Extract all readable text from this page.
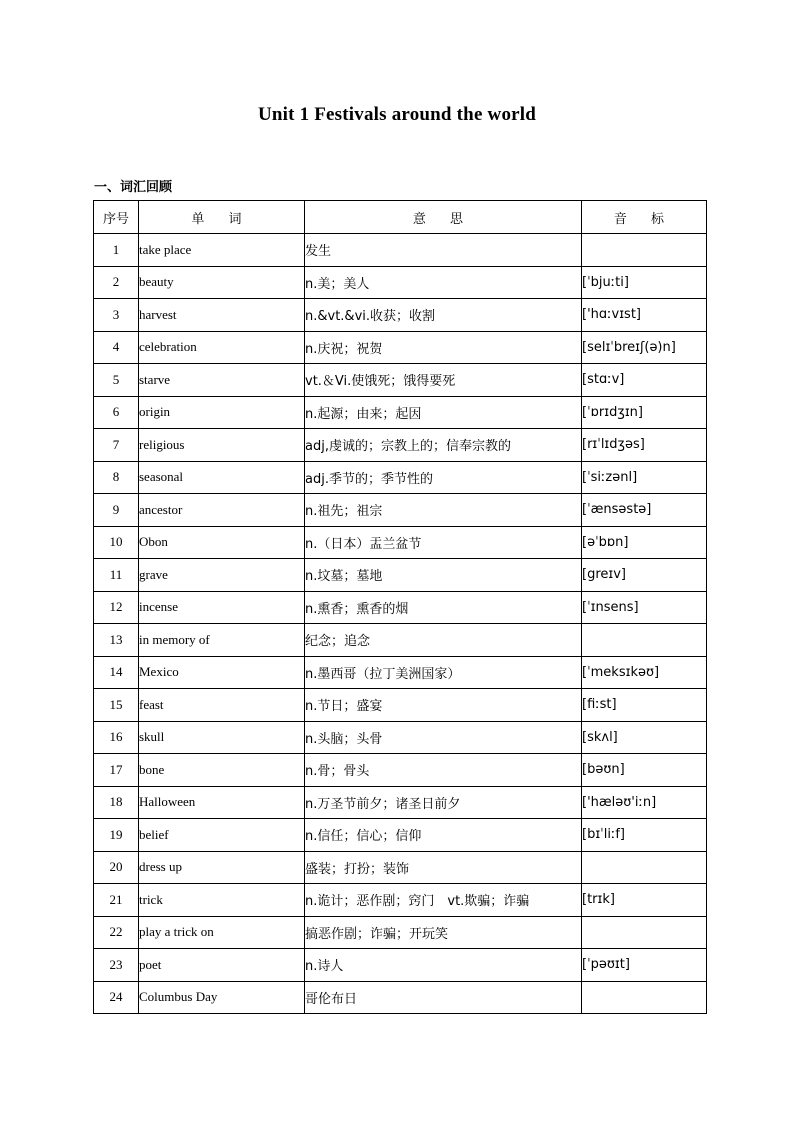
Unit 1 Festivals around the world
一、词汇回顾
序号	单 词	意 思	音 标
1	take place	发生	
2	beauty	n.美；美人	[ˈbjuːti]
3	harvest	n.&vt.&vi.收获；收割	['hɑːvɪst]
4	celebration	n.庆祝；祝贺	[selɪˈbreɪʃ(ə)n]
5	starve	vt.＆Vi.使饿死；饿得要死	[stɑːv]
6	origin	n.起源；由来；起因	[ˈɒrɪdʒɪn]
7	religious	adj,虔诚的；宗教上的；信奉宗教的	[rɪˈlɪdʒəs]
8	seasonal	adj.季节的；季节性的	[ˈsiːzənl]
9	ancestor	n.祖先；祖宗	[ˈænsəstə]
10	Obon	n.（日本）盂兰盆节	[əˈbɒn]
11	grave	n.坟墓；墓地	[greɪv]
12	incense	n.熏香；熏香的烟	[ˈɪnsens]
13	in memory of	纪念；追念	
14	Mexico	n.墨西哥（拉丁美洲国家）	[ˈmeksɪkəʊ]
15	feast	n.节日；盛宴	[fiːst]
16	skull	n.头脑；头骨	[skʌl]
17	bone	n.骨；骨头	[bəʊn]
18	Halloween	n.万圣节前夕；诸圣日前夕	['hæləʊ'iːn]
19	belief	n.信任；信心；信仰	[bɪˈliːf]
20	dress up	盛装；打扮；装饰	
21	trick	n.诡计；恶作剧；窍门　vt.欺骗；诈骗	[trɪk]
22	play a trick on	搞恶作剧；诈骗；开玩笑	
23	poet	n.诗人	[ˈpəʊɪt]
24	Columbus Day	哥伦布日	
